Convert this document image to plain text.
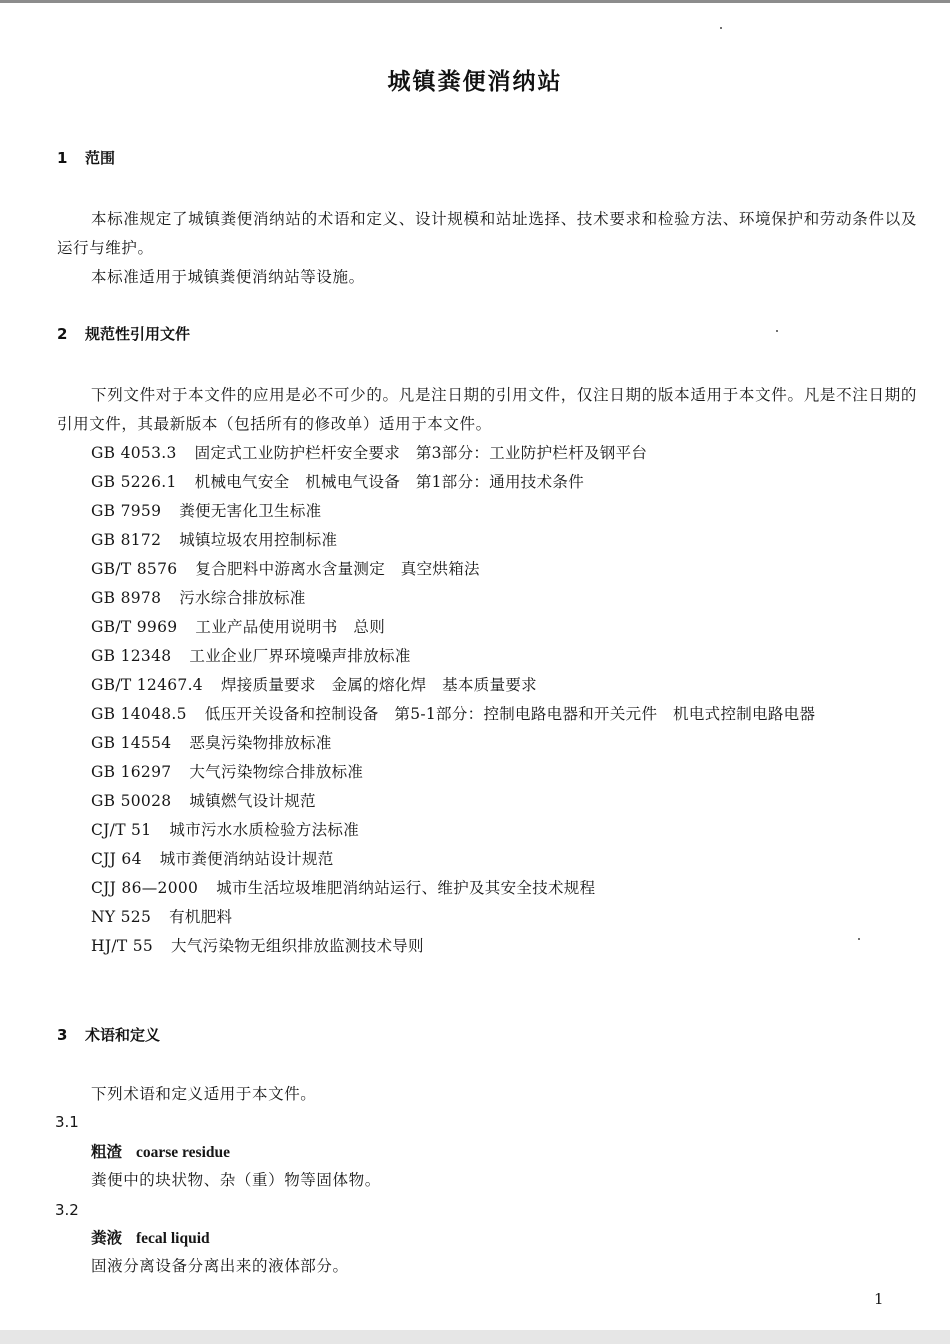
城镇粪便消纳站
1 范围
本标准规定了城镇粪便消纳站的术语和定义、设计规模和站址选择、技术要求和检验方法、环境保护和劳动条件以及运行与维护。
本标准适用于城镇粪便消纳站等设施。
2 规范性引用文件
下列文件对于本文件的应用是必不可少的。凡是注日期的引用文件，仅注日期的版本适用于本文件。凡是不注日期的引用文件，其最新版本（包括所有的修改单）适用于本文件。
GB 4053.3 固定式工业防护栏杆安全要求　第3部分：工业防护栏杆及钢平台
GB 5226.1 机械电气安全　机械电气设备　第1部分：通用技术条件
GB 7959 粪便无害化卫生标准
GB 8172 城镇垃圾农用控制标准
GB/T 8576 复合肥料中游离水含量测定　真空烘箱法
GB 8978 污水综合排放标准
GB/T 9969 工业产品使用说明书　总则
GB 12348 工业企业厂界环境噪声排放标准
GB/T 12467.4 焊接质量要求　金属的熔化焊　基本质量要求
GB 14048.5 低压开关设备和控制设备　第5-1部分：控制电路电器和开关元件　机电式控制电路电器
GB 14554 恶臭污染物排放标准
GB 16297 大气污染物综合排放标准
GB 50028 城镇燃气设计规范
CJ/T 51 城市污水水质检验方法标准
CJJ 64 城市粪便消纳站设计规范
CJJ 86—2000 城市生活垃圾堆肥消纳站运行、维护及其安全技术规程
NY 525 有机肥料
HJ/T 55 大气污染物无组织排放监测技术导则
3 术语和定义
下列术语和定义适用于本文件。
3.1
粗渣 coarse residue
粪便中的块状物、杂（重）物等固体物。
3.2
粪液 fecal liquid
固液分离设备分离出来的液体部分。
1
